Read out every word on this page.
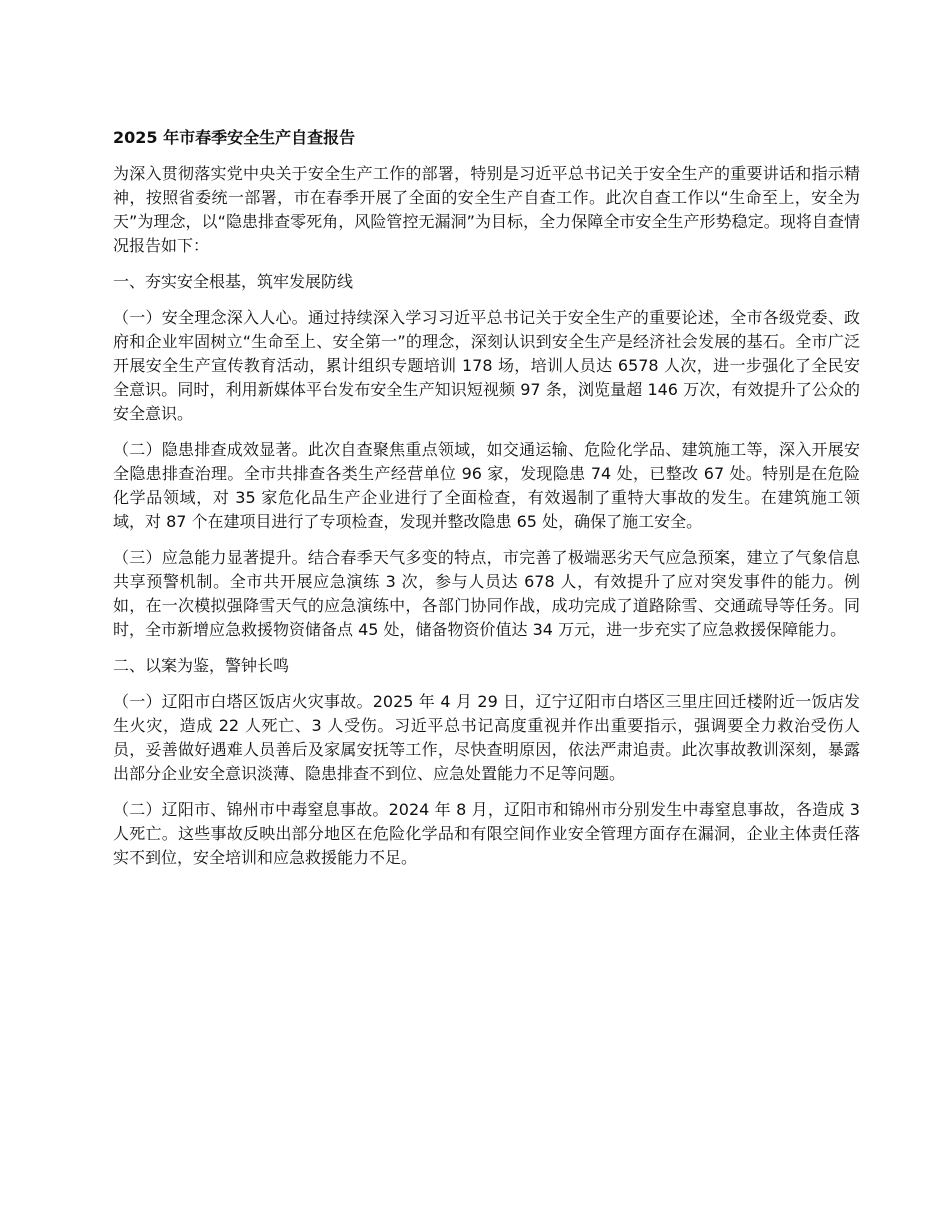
2025 年市春季安全生产自查报告

为深入贯彻落实党中央关于安全生产工作的部署，特别是习近平总书记关于安全生产的重要讲话和指示精神，按照省委统一部署，市在春季开展了全面的安全生产自查工作。此次自查工作以“生命至上，安全为天”为理念，以“隐患排查零死角，风险管控无漏洞”为目标，全力保障全市安全生产形势稳定。现将自查情况报告如下：

一、夯实安全根基，筑牢发展防线

（一）安全理念深入人心。通过持续深入学习习近平总书记关于安全生产的重要论述，全市各级党委、政府和企业牢固树立“生命至上、安全第一”的理念，深刻认识到安全生产是经济社会发展的基石。全市广泛开展安全生产宣传教育活动，累计组织专题培训 178 场，培训人员达 6578 人次，进一步强化了全民安全意识。同时，利用新媒体平台发布安全生产知识短视频 97 条，浏览量超 146 万次，有效提升了公众的安全意识。

（二）隐患排查成效显著。此次自查聚焦重点领域，如交通运输、危险化学品、建筑施工等，深入开展安全隐患排查治理。全市共排查各类生产经营单位 96 家，发现隐患 74 处，已整改 67 处。特别是在危险化学品领域，对 35 家危化品生产企业进行了全面检查，有效遏制了重特大事故的发生。在建筑施工领域，对 87 个在建项目进行了专项检查，发现并整改隐患 65 处，确保了施工安全。

（三）应急能力显著提升。结合春季天气多变的特点，市完善了极端恶劣天气应急预案，建立了气象信息共享预警机制。全市共开展应急演练 3 次，参与人员达 678 人，有效提升了应对突发事件的能力。例如，在一次模拟强降雪天气的应急演练中，各部门协同作战，成功完成了道路除雪、交通疏导等任务。同时，全市新增应急救援物资储备点 45 处，储备物资价值达 34 万元，进一步充实了应急救援保障能力。

二、以案为鉴，警钟长鸣

（一）辽阳市白塔区饭店火灾事故。2025 年 4 月 29 日，辽宁辽阳市白塔区三里庄回迁楼附近一饭店发生火灾，造成 22 人死亡、3 人受伤。习近平总书记高度重视并作出重要指示，强调要全力救治受伤人员，妥善做好遇难人员善后及家属安抚等工作，尽快查明原因，依法严肃追责。此次事故教训深刻，暴露出部分企业安全意识淡薄、隐患排查不到位、应急处置能力不足等问题。

（二）辽阳市、锦州市中毒窒息事故。2024 年 8 月，辽阳市和锦州市分别发生中毒窒息事故，各造成 3 人死亡。这些事故反映出部分地区在危险化学品和有限空间作业安全管理方面存在漏洞，企业主体责任落实不到位，安全培训和应急救援能力不足。
